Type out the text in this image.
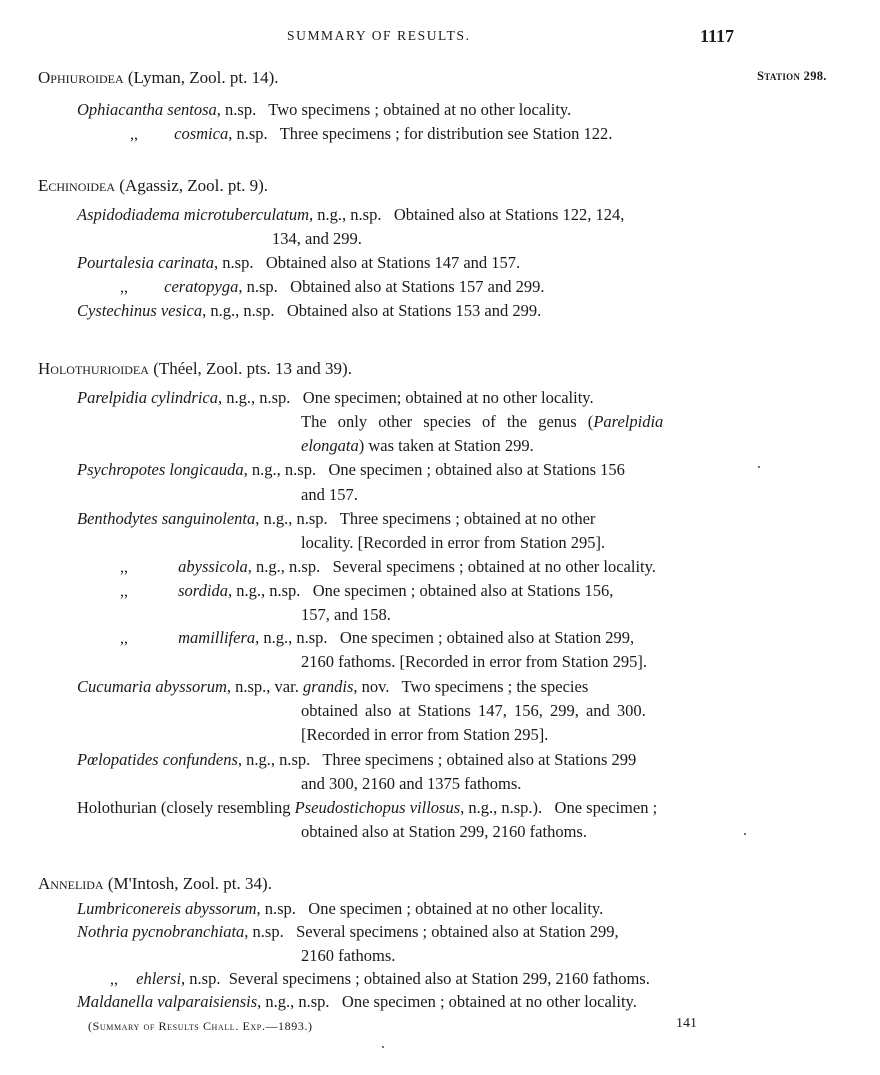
SUMMARY OF RESULTS.	1117
Station 298.
Ophiuroidea (Lyman, Zool. pt. 14).
Ophiacantha sentosa, n.sp.   Two specimens ; obtained at no other locality.
,, cosmica, n.sp.   Three specimens ; for distribution see Station 122.
Echinoidea (Agassiz, Zool. pt. 9).
Aspidodiadema microtuberculatum, n.g., n.sp.   Obtained also at Stations 122, 124,
134, and 299.
Pourtalesia carinata, n.sp.   Obtained also at Stations 147 and 157.
,, ceratopyga, n.sp.   Obtained also at Stations 157 and 299.
Cystechinus vesica, n.g., n.sp.   Obtained also at Stations 153 and 299.
Holothurioidea (Théel, Zool. pts. 13 and 39).
Parelpidia cylindrica, n.g., n.sp.   One specimen; obtained at no other locality.
The only other species of the genus (Parelpidia
elongata) was taken at Station 299.
Psychropotes longicauda, n.g., n.sp.   One specimen ; obtained also at Stations 156
and 157.
Benthodytes sanguinolenta, n.g., n.sp.   Three specimens ; obtained at no other
locality. [Recorded in error from Station 295].
,,	abyssicola, n.g., n.sp.   Several specimens ; obtained at no other locality.
,,	sordida, n.g., n.sp.   One specimen ; obtained also at Stations 156,
157, and 158.
,,	mamillifera, n.g., n.sp.   One specimen ; obtained also at Station 299,
2160 fathoms. [Recorded in error from Station 295].
Cucumaria abyssorum, n.sp., var. grandis, nov.   Two specimens ; the species
obtained also at Stations 147, 156, 299, and 300.
[Recorded in error from Station 295].
Pœlopatides confundens, n.g., n.sp.   Three specimens ; obtained also at Stations 299
and 300, 2160 and 1375 fathoms.
Holothurian (closely resembling Pseudostichopus villosus, n.g., n.sp.).   One specimen ;
obtained also at Station 299, 2160 fathoms.
Annelida (M'Intosh, Zool. pt. 34).
Lumbriconereis abyssorum, n.sp.   One specimen ; obtained at no other locality.
Nothria pycnobranchiata, n.sp.   Several specimens ; obtained also at Station 299,
2160 fathoms.
,, ehlersi, n.sp.  Several specimens ; obtained also at Station 299, 2160 fathoms.
Maldanella valparaisiensis, n.g., n.sp.   One specimen ; obtained at no other locality.
(Summary of Results Chall. Exp.—1893.)	141
